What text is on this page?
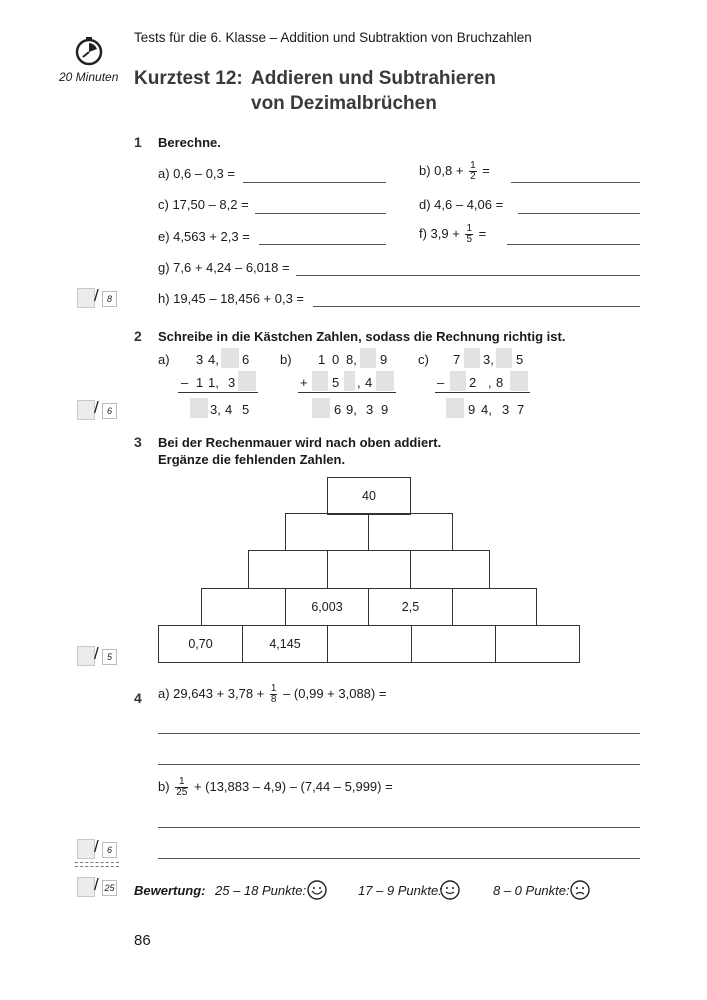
Tests für die 6. Klasse – Addition und Subtraktion von Bruchzahlen
20 Minuten Kurztest 12: Addieren und Subtrahieren
von Dezimalbrüchen
1 Berechne.
a) 0,6 – 0,3 =	b) $0,8 + \frac{1}{2}$ =
c) 17,50 – 8,2 =	d) 4,6 – 4,06 =
e) 4,563 + 2,3 =	f) $3,9 + \frac{1}{5}$ =
g) 7,6 + 4,24 – 6,018 =
h) 19,45 – 18,456 + 0,3 =
/ 8
2 Schreibe in die Kästchen Zahlen, sodass die Rechnung richtig ist.
a) 3 4, 6
– 1 1, 3
3, 4 5
b) 1 0 8, 9
+ 5 , 4
6 9, 3 9
c) 7 3, 5
– 2 , 8
9 4, 3 7
/ 6
3 Bei der Rechenmauer wird nach oben addiert.
Ergänze die fehlenden Zahlen.
40
6,003	2,5
0,70	4,145
/ 5
4 a) $29,643 + 3,78 + \frac{1}{8} - (0,99 + 3,088)$ =
$b) \frac{1}{25} + (13,883 - 4,9) - (7,44 - 5,999)$ =
/ 6
/ 25 Bewertung: 25 – 18 Punkte:	17 – 9 Punkte:	8 – 0 Punkte:
86
